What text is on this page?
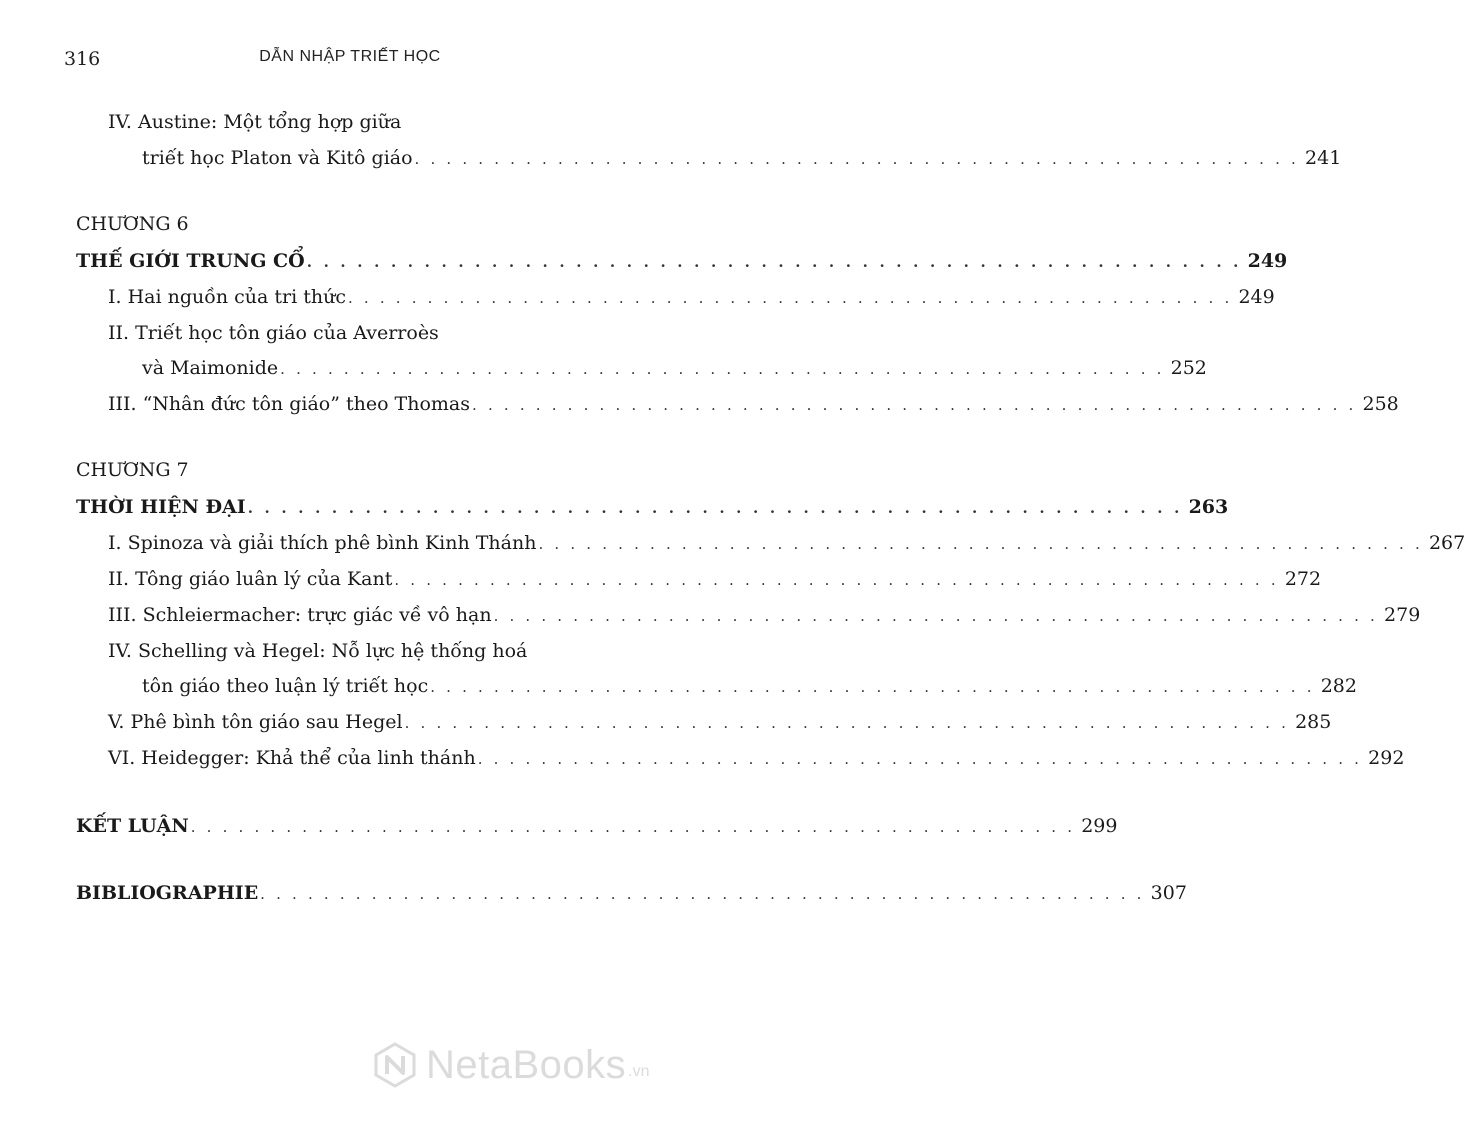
316	DẪN NHẬP TRIẾT HỌC
IV. Austine: Một tổng hợp giữa
triết học Platon và Kitô giáo . . . . . . . . . . . . . . . . . . . . . . . . . . . . . . . . . . . . . . . . . . . . . . . . . . . . . . . . 241
CHƯƠNG 6
THẾ GIỚI TRUNG CỔ . . . . . . . . . . . . . . . . . . . . . . . . . . . . . . . . . . . . . . . . . . . . . . . . . . . . . . . . 249
I. Hai nguồn của tri thức . . . . . . . . . . . . . . . . . . . . . . . . . . . . . . . . . . . . . . . . . . . . . . . . . . . . . . . . 249
II. Triết học tôn giáo của Averroès
và Maimonide . . . . . . . . . . . . . . . . . . . . . . . . . . . . . . . . . . . . . . . . . . . . . . . . . . . . . . . . 252
III. “Nhân đức tôn giáo” theo Thomas . . . . . . . . . . . . . . . . . . . . . . . . . . . . . . . . . . . . . . . . . . . . . . . . . . . . . . . . 258
CHƯƠNG 7
THỜI HIỆN ĐẠI . . . . . . . . . . . . . . . . . . . . . . . . . . . . . . . . . . . . . . . . . . . . . . . . . . . . . . . . 263
I. Spinoza và giải thích phê bình Kinh Thánh . . . . . . . . . . . . . . . . . . . . . . . . . . . . . . . . . . . . . . . . . . . . . . . . . . . . . . . . 267
II. Tông giáo luân lý của Kant . . . . . . . . . . . . . . . . . . . . . . . . . . . . . . . . . . . . . . . . . . . . . . . . . . . . . . . . 272
III. Schleiermacher: trực giác về vô hạn . . . . . . . . . . . . . . . . . . . . . . . . . . . . . . . . . . . . . . . . . . . . . . . . . . . . . . . . 279
IV. Schelling và Hegel: Nỗ lực hệ thống hoá
tôn giáo theo luận lý triết học . . . . . . . . . . . . . . . . . . . . . . . . . . . . . . . . . . . . . . . . . . . . . . . . . . . . . . . . 282
V. Phê bình tôn giáo sau Hegel . . . . . . . . . . . . . . . . . . . . . . . . . . . . . . . . . . . . . . . . . . . . . . . . . . . . . . . . 285
VI. Heidegger: Khả thể của linh thánh . . . . . . . . . . . . . . . . . . . . . . . . . . . . . . . . . . . . . . . . . . . . . . . . . . . . . . . . 292
KẾT LUẬN . . . . . . . . . . . . . . . . . . . . . . . . . . . . . . . . . . . . . . . . . . . . . . . . . . . . . . . . 299
BIBLIOGRAPHIE . . . . . . . . . . . . . . . . . . . . . . . . . . . . . . . . . . . . . . . . . . . . . . . . . . . . . . . . 307
NetaBooks .vn
